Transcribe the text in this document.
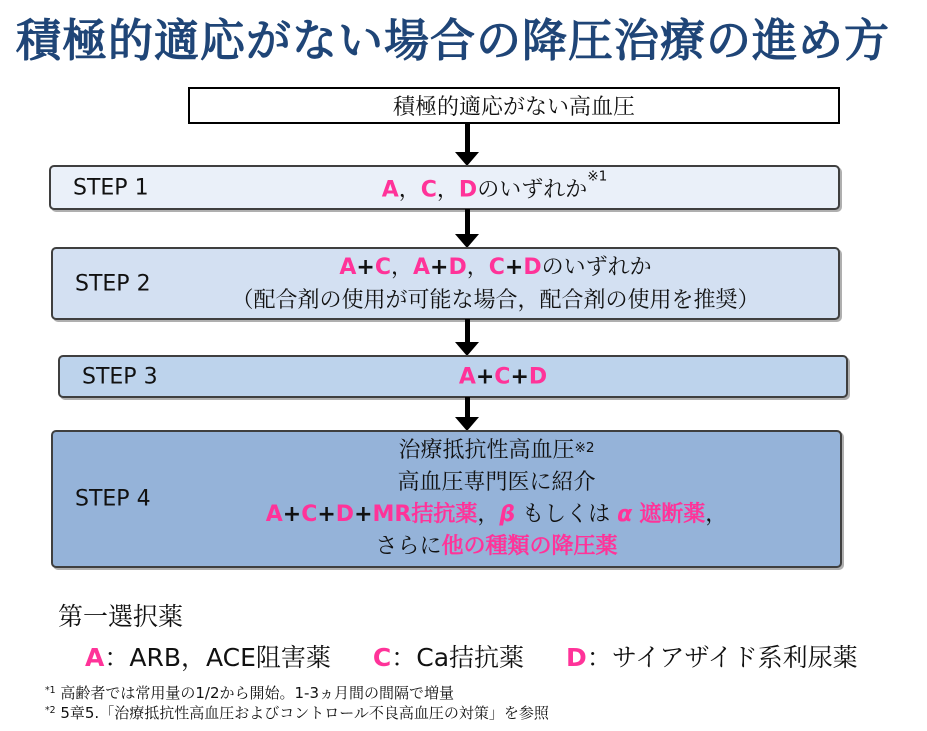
積極的適応がない場合の降圧治療の進め方
積極的適応がない高血圧
STEP 1	A，C，Dのいずれか$^{※1}$
STEP 2
A+C，A+D，C+Dのいずれか
（配合剤の使用が可能な場合，配合剤の使用を推奨）
STEP 3	A+C+D
STEP 4
治療抵抗性高血圧$^{※2}$
高血圧専門医に紹介
A+C+D+MR拮抗薬，β もしくは α 遮断薬，
さらに他の種類の降圧薬
第一選択薬
A：ARB，ACE阻害薬 C：Ca拮抗薬 D：サイアザイド系利尿薬
$^{*1}$ 高齢者では常用量の1/2から開始。1-3ヵ月間の間隔で増量
$^{*2}$ 5章5.「治療抵抗性高血圧およびコントロール不良高血圧の対策」を参照
